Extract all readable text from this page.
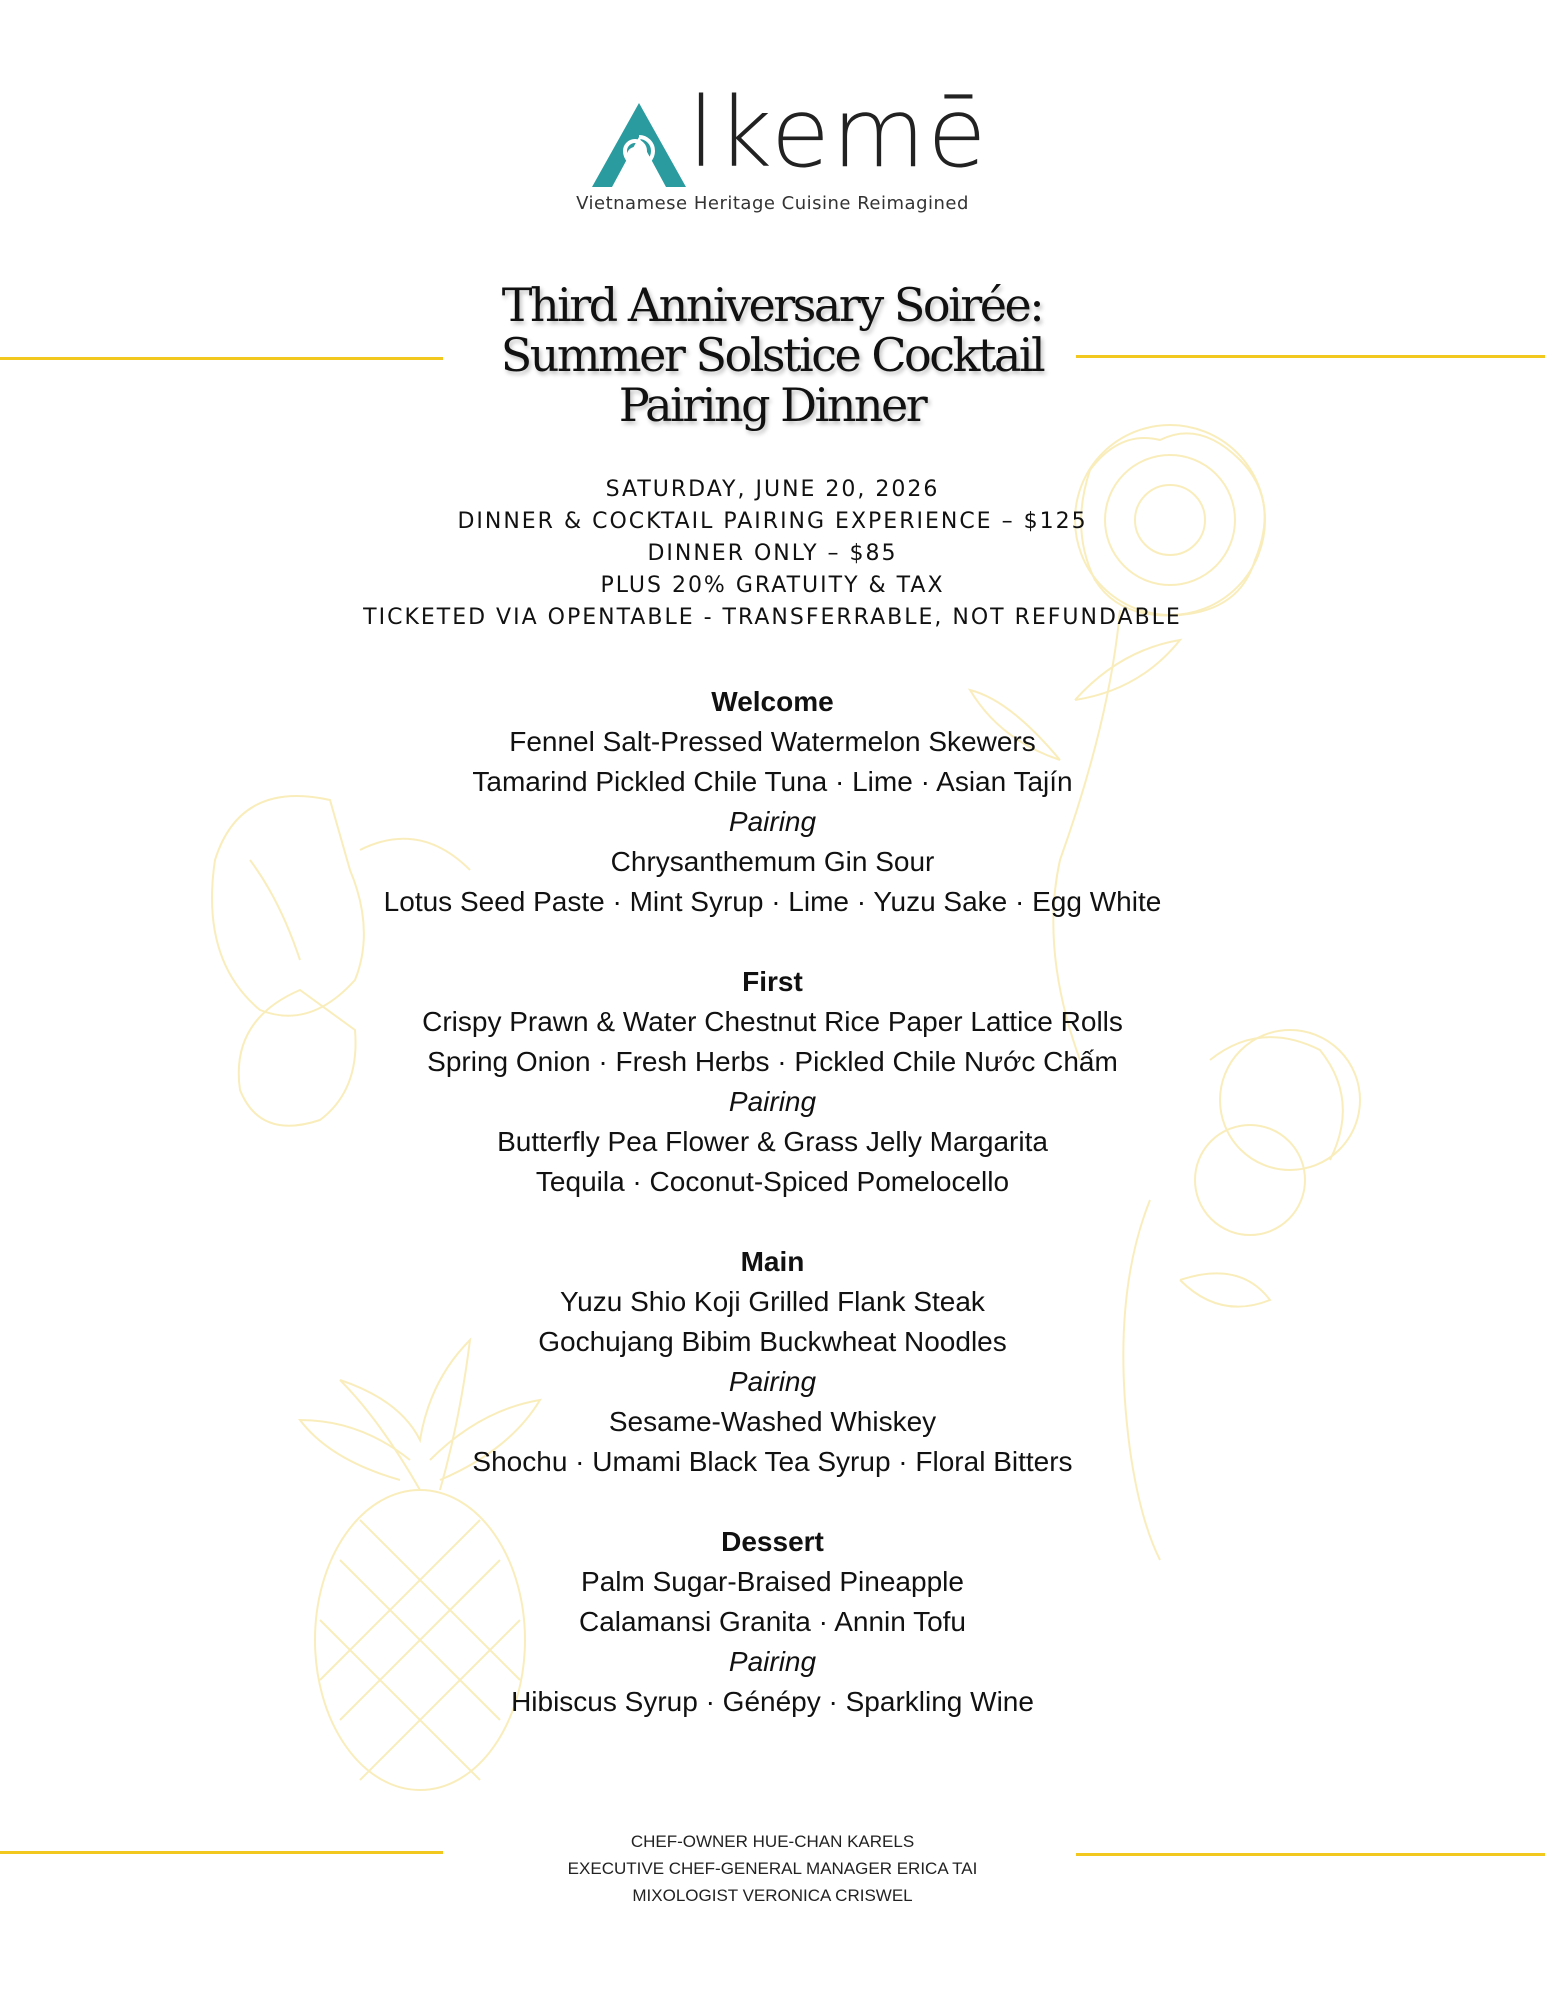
lkemē
Vietnamese Heritage Cuisine Reimagined
Third Anniversary Soirée:
Summer Solstice Cocktail
Pairing Dinner
SATURDAY, JUNE 20, 2026
DINNER & COCKTAIL PAIRING EXPERIENCE – $125
DINNER ONLY – $85
PLUS 20% GRATUITY & TAX
TICKETED VIA OPENTABLE - TRANSFERRABLE, NOT REFUNDABLE
Welcome
Fennel Salt-Pressed Watermelon Skewers
Tamarind Pickled Chile Tuna · Lime · Asian Tajín
Pairing
Chrysanthemum Gin Sour
Lotus Seed Paste · Mint Syrup · Lime · Yuzu Sake · Egg White
First
Crispy Prawn & Water Chestnut Rice Paper Lattice Rolls
Spring Onion · Fresh Herbs · Pickled Chile Nước Chấm
Pairing
Butterfly Pea Flower & Grass Jelly Margarita
Tequila · Coconut-Spiced Pomelocello
Main
Yuzu Shio Koji Grilled Flank Steak
Gochujang Bibim Buckwheat Noodles
Pairing
Sesame-Washed Whiskey
Shochu · Umami Black Tea Syrup · Floral Bitters
Dessert
Palm Sugar-Braised Pineapple
Calamansi Granita · Annin Tofu
Pairing
Hibiscus Syrup · Génépy · Sparkling Wine
CHEF-OWNER HUE-CHAN KARELS
EXECUTIVE CHEF-GENERAL MANAGER ERICA TAI
MIXOLOGIST VERONICA CRISWEL
